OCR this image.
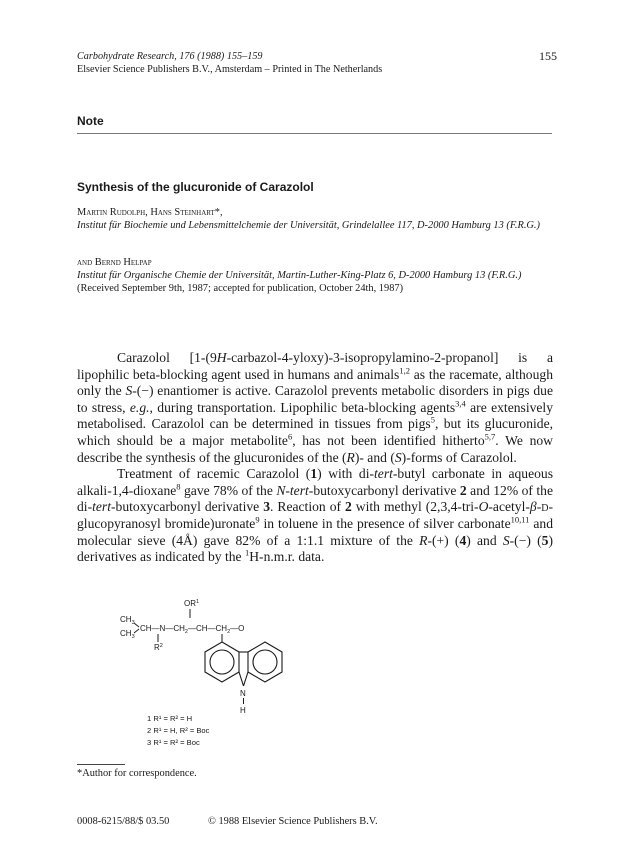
Carbohydrate Research, 176 (1988) 155–159
Elsevier Science Publishers B.V., Amsterdam – Printed in The Netherlands
155
Note
Synthesis of the glucuronide of Carazolol
Martin Rudolph, Hans Steinhart*,
Institut für Biochemie und Lebensmittelchemie der Universität, Grindelallee 117, D-2000 Hamburg 13 (F.R.G.)
and Bernd Helpap
Institut für Organische Chemie der Universität, Martin-Luther-King-Platz 6, D-2000 Hamburg 13 (F.R.G.)
(Received September 9th, 1987; accepted for publication, October 24th, 1987)

Carazolol [1-(9H-carbazol-4-yloxy)-3-isopropylamino-2-propanol] is a lipophilic beta-blocking agent used in humans and animals$^{1,2}$ as the racemate, although only the S-(−) enantiomer is active. Carazolol prevents metabolic disorders in pigs due to stress, e.g., during transportation. Lipophilic beta-blocking agents$^{3,4}$ are extensively metabolised. Carazolol can be determined in tissues from pigs$^5$, but its glucuronide, which should be a major metabolite$^6$, has not been identified hitherto$^{5,7}$. We now describe the synthesis of the glucuronides of the (R)- and (S)-forms of Carazolol.

Treatment of racemic Carazolol (1) with di-tert-butyl carbonate in aqueous alkali-1,4-dioxane$^8$ gave 78% of the N-tert-butoxycarbonyl derivative 2 and 12% of the di-tert-butoxycarbonyl derivative 3. Reaction of 2 with methyl (2,3,4-tri-O-acetyl-β-d-glucopyranosyl bromide)uronate$^9$ in toluene in the presence of silver carbonate$^{10,11}$ and molecular sieve (4Å) gave 82% of a 1:1.1 mixture of the R-(+) (4) and S-(−) (5) derivatives as indicated by the $^1$H-n.m.r. data.

$OR^1$
$CH_3$
$CH_3$
$CH—N—CH_2—CH—CH_2—O$
$R^2$
N
H
1 R¹ = R² = H
2 R¹ = H, R² = Boc
3 R¹ = R² = Boc
*Author for correspondence.
0008-6215/88/$ 03.50	© 1988 Elsevier Science Publishers B.V.
